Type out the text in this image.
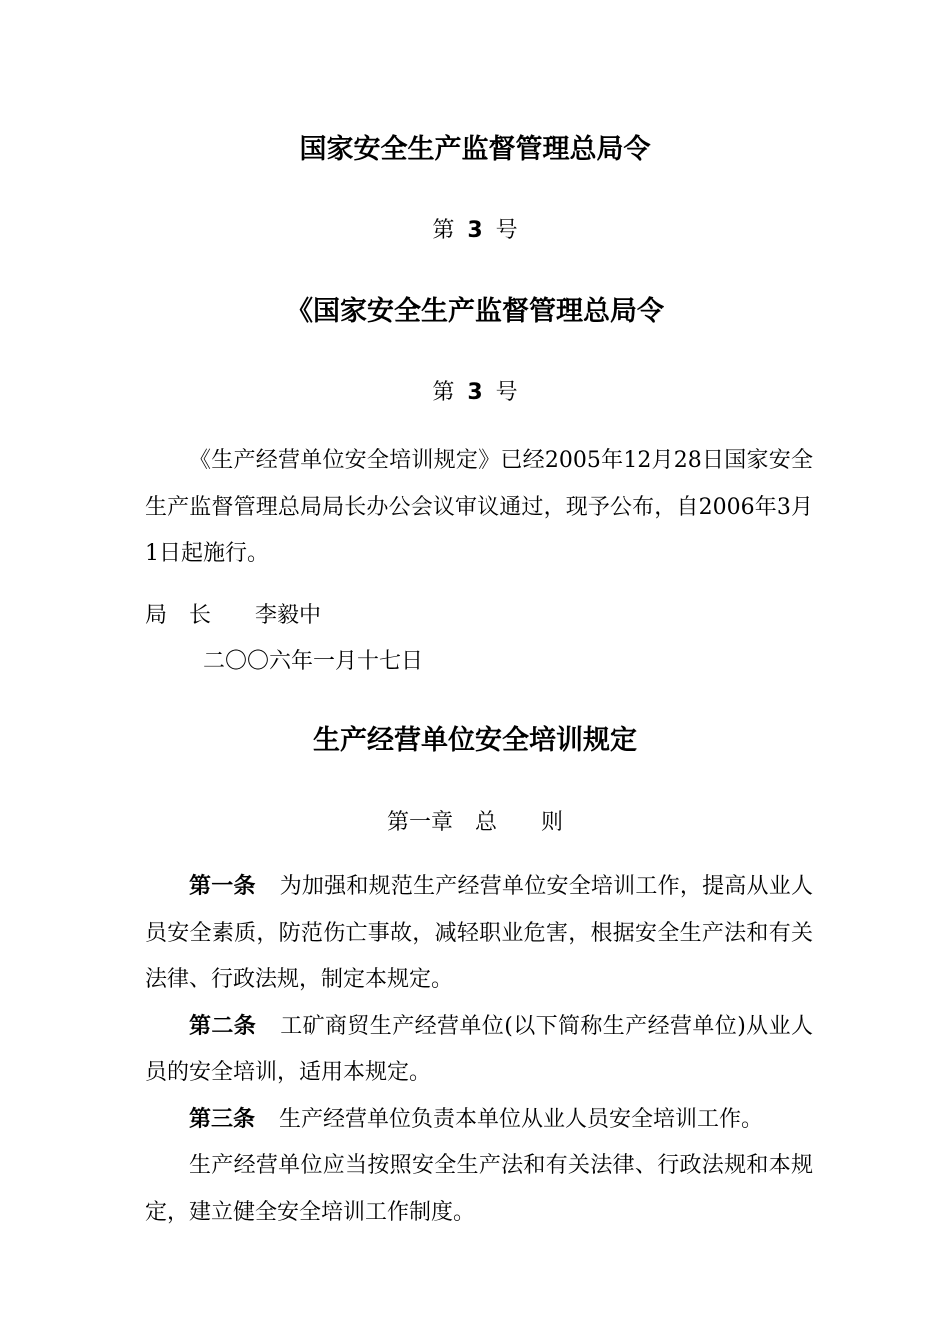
国家安全生产监督管理总局令
第 3 号
《国家安全生产监督管理总局令
第 3 号

《生产经营单位安全培训规定》已经2005年12月28日国家安全生产监督管理总局局长办公会议审议通过，现予公布，自2006年3月1日起施行。

局　长 李毅中
二〇〇六年一月十七日
生产经营单位安全培训规定
第一章　总　　则

第一条 为加强和规范生产经营单位安全培训工作，提高从业人员安全素质，防范伤亡事故，减轻职业危害，根据安全生产法和有关法律、行政法规，制定本规定。

第二条 工矿商贸生产经营单位(以下简称生产经营单位)从业人员的安全培训，适用本规定。

第三条 生产经营单位负责本单位从业人员安全培训工作。

生产经营单位应当按照安全生产法和有关法律、行政法规和本规定，建立健全安全培训工作制度。
